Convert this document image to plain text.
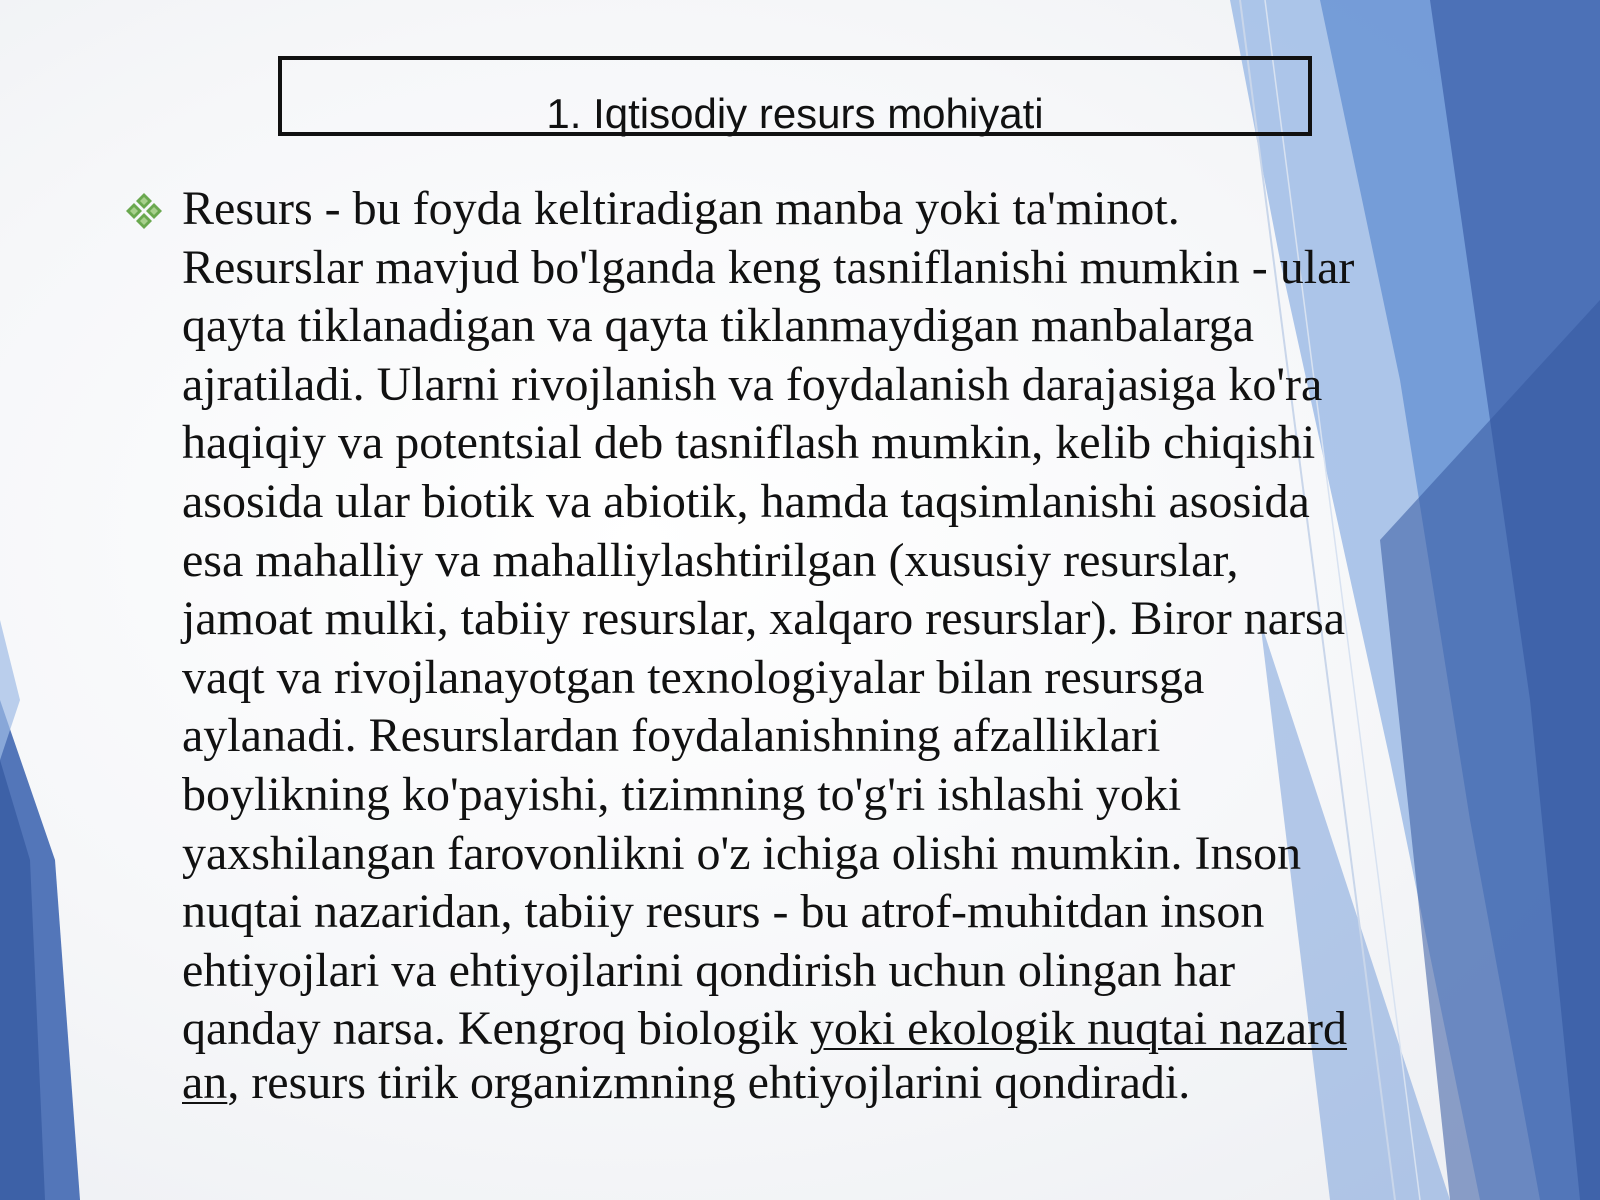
1. Iqtisodiy resurs mohiyati
Resurs - bu foyda keltiradigan manba yoki ta'minot.
Resurslar mavjud bo'lganda keng tasniflanishi mumkin - ular
qayta tiklanadigan va qayta tiklanmaydigan manbalarga
ajratiladi. Ularni rivojlanish va foydalanish darajasiga ko'ra
haqiqiy va potentsial deb tasniflash mumkin, kelib chiqishi
asosida ular biotik va abiotik, hamda taqsimlanishi asosida
esa mahalliy va mahalliylashtirilgan (xususiy resurslar,
jamoat mulki, tabiiy resurslar, xalqaro resurslar). Biror narsa
vaqt va rivojlanayotgan texnologiyalar bilan resursga
aylanadi. Resurslardan foydalanishning afzalliklari
boylikning ko'payishi, tizimning to'g'ri ishlashi yoki
yaxshilangan farovonlikni o'z ichiga olishi mumkin. Inson
nuqtai nazaridan, tabiiy resurs - bu atrof-muhitdan inson
ehtiyojlari va ehtiyojlarini qondirish uchun olingan har
qanday narsa. Kengroq biologik yoki ekologik nuqtai nazard
an, resurs tirik organizmning ehtiyojlarini qondiradi.
